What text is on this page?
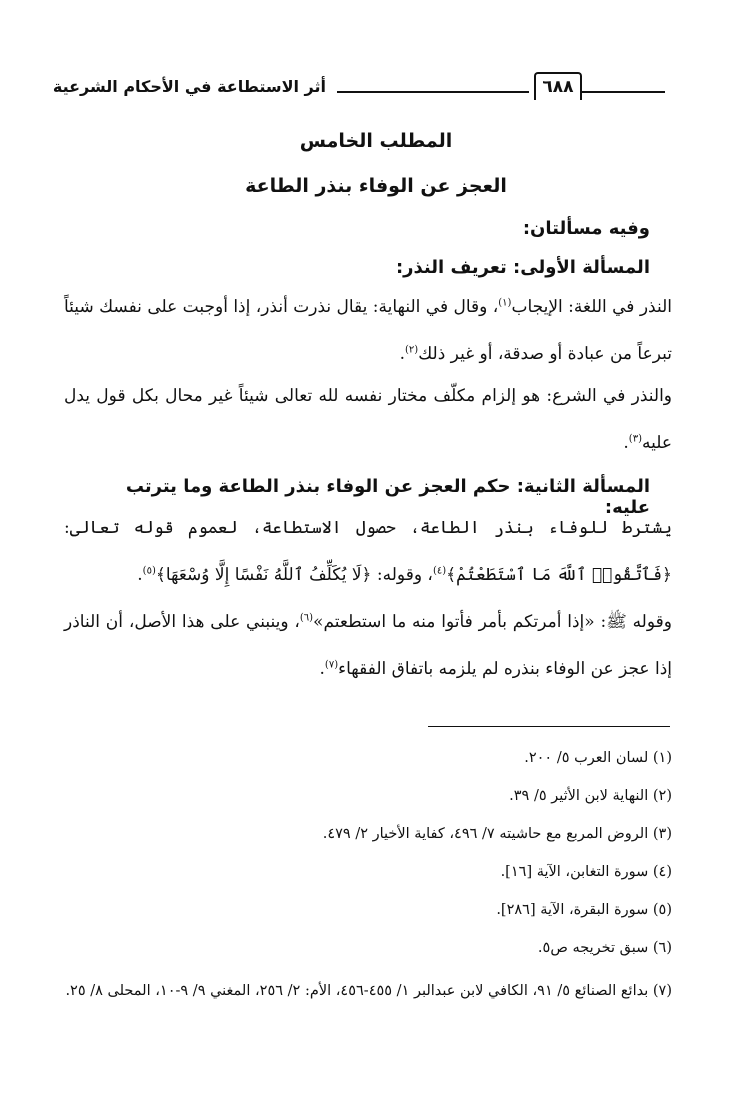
٦٨٨
أثر الاستطاعة في الأحكام الشرعية
المطلب الخامس
العجز عن الوفاء بنذر الطاعة
وفيه مسألتان:
المسألة الأولى: تعريف النذر:
النذر في اللغة: الإيجاب$^{(١)}$، وقال في النهاية: يقال نذرت أنذر، إذا أوجبت على نفسك شيئاً تبرعاً من عبادة أو صدقة، أو غير ذلك$^{(٢)}$.
والنذر في الشرع: هو إلزام مكلّف مختار نفسه لله تعالى شيئاً غير محال بكل قول يدل عليه$^{(٣)}$.
المسألة الثانية: حكم العجز عن الوفاء بنذر الطاعة وما يترتب عليه:
يشترط للوفاء بنذر الطاعة، حصول الاستطاعة، لعموم قوله تعالى: ﴿فَٱتَّقُوا۟ ٱللَّهَ مَا ٱسْتَطَعْتُمْ﴾$^{(٤)}$، وقوله: ﴿لَا يُكَلِّفُ ٱللَّهُ نَفْسًا إِلَّا وُسْعَهَا﴾$^{(٥)}$.
وقوله ﷺ: «إذا أمرتكم بأمر فأتوا منه ما استطعتم»$^{(٦)}$، وينبني على هذا الأصل، أن الناذر إذا عجز عن الوفاء بنذره لم يلزمه باتفاق الفقهاء$^{(٧)}$.
(١) لسان العرب ٥/ ٢٠٠.
(٢) النهاية لابن الأثير ٥/ ٣٩.
(٣) الروض المربع مع حاشيته ٧/ ٤٩٦، كفاية الأخيار ٢/ ٤٧٩.
(٤) سورة التغابن، الآية [١٦].
(٥) سورة البقرة، الآية [٢٨٦].
(٦) سبق تخريجه ص٥.
(٧) بدائع الصنائع ٥/ ٩١، الكافي لابن عبدالبر ١/ ٤٥٥-٤٥٦، الأم: ٢/ ٢٥٦، المغني ٩/ ٩-١٠، المحلى ٨/ ٢٥.
